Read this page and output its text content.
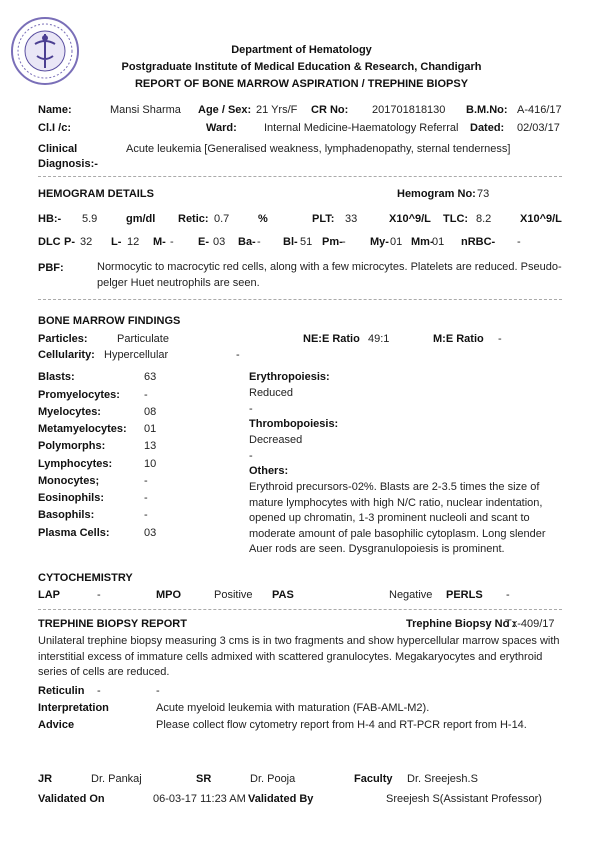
Department of Hematology
Postgraduate Institute of Medical Education & Research, Chandigarh
REPORT OF BONE MARROW ASPIRATION / TREPHINE BIOPSY
Name:	Mansi Sharma Age / Sex: 21 Yrs/F CR No: 201701818130 B.M.No: A-416/17
Cl.I /c:	Ward: Internal Medicine-Haematology Referral Dated: 02/03/17
Clinical
Diagnosis:-
Acute leukemia [Generalised weakness, lymphadenopathy, sternal tenderness]
HEMOGRAM DETAILS	Hemogram No: 73
HB:- 5.9	gm/dl Retic: 0.7	%	PLT: 33	X10^9/L TLC: 8.2	X10^9/L
DLC P- 32 L- 12 M- - E- 03 Ba- - Bl- 51 Pm- - My- 01 Mm-
01 nRBC- -
PBF:	Normocytic to macrocytic red cells, along with a few microcytes. Platelets are reduced. Pseudo-pelger Huet neutrophils are seen.
BONE MARROW FINDINGS
Particles:	Particulate	NE:E Ratio 49:1	M:E Ratio -
Cellularity: Hypercellular	-
Blasts:	63
Promyelocytes: -
Myelocytes:	08
Metamyelocytes: 01
Polymorphs:	13
Lymphocytes:	10
Monocytes;	-
Eosinophils:	-
Basophils:	-
Plasma Cells:	03
Erythropoiesis:
Reduced
-
Thrombopoiesis:
Decreased
-
Others:
Erythroid precursors-02%. Blasts are 2-3.5 times the size of mature lymphocytes with high N/C ratio, nuclear indentation, opened up chromatin, 1-3 prominent nucleoli and scant to moderate amount of pale basophilic cytoplasm. Long slender Auer rods are seen. Dysgranulopoiesis is prominent.
CYTOCHEMISTRY
LAP	-	MPO	Positive PAS	Negative PERLS -
TREPHINE BIOPSY REPORT	Trephine Biopsy No :
Tx-409/17
Unilateral trephine biopsy measuring 3 cms is in two fragments and show hypercellular marrow spaces with interstitial excess of immature cells admixed with scattered granulocytes. Megakaryocytes and erythroid series of cells are reduced.
Reticulin -	-
Interpretation	Acute myeloid leukemia with maturation (FAB-AML-M2).
Advice	Please collect flow cytometry report from H-4 and RT-PCR report from H-14.
JR	Dr. Pankaj	SR	Dr. Pooja	Faculty Dr. Sreejesh.S
Validated On	06-03-17 11:23 AM Validated By	Sreejesh S(Assistant Professor)
